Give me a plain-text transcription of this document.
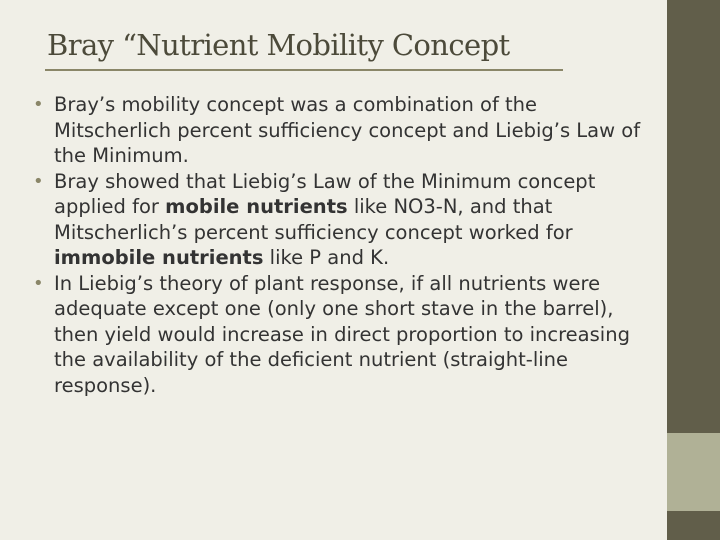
Bray “Nutrient Mobility Concept
• Bray’s mobility concept was a combination of the Mitscherlich percent sufficiency concept and Liebig’s Law of the Minimum.
• Bray showed that Liebig’s Law of the Minimum concept applied for mobile nutrients like NO3-N, and that Mitscherlich’s percent sufficiency concept worked for immobile nutrients like P and K.
• In Liebig’s theory of plant response, if all nutrients were adequate except one (only one short stave in the barrel), then yield would increase in direct proportion to increasing the availability of the deficient nutrient (straight-line response).
